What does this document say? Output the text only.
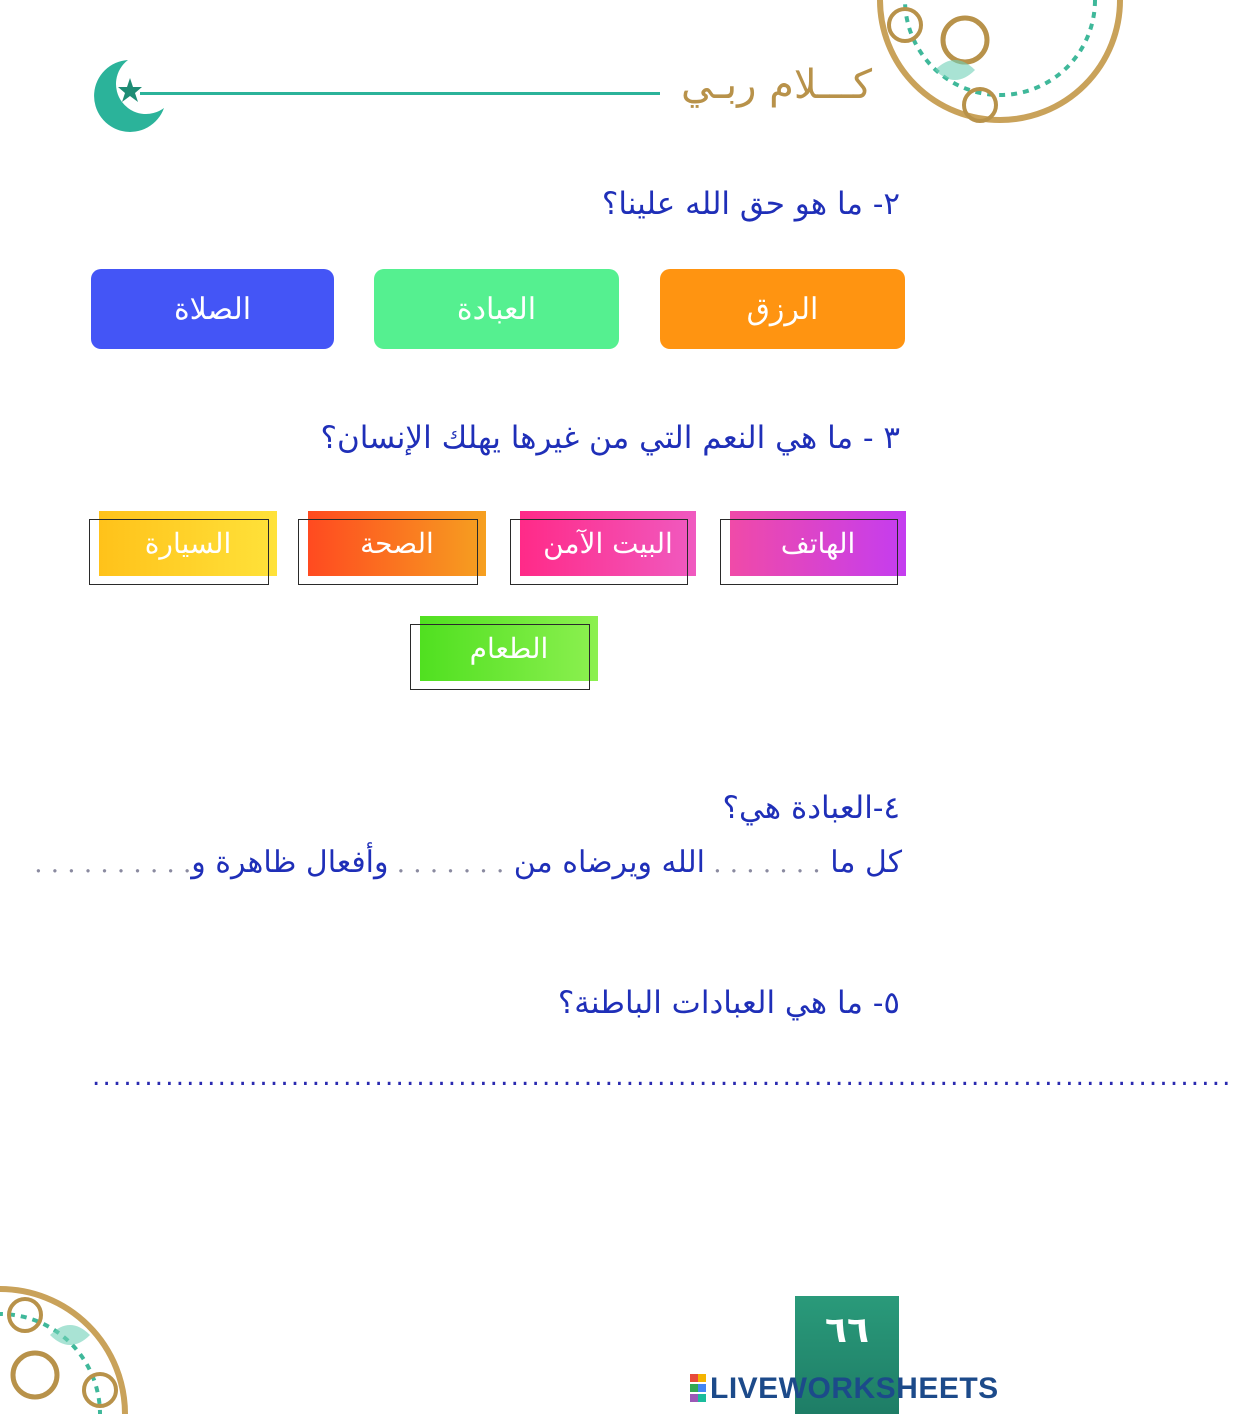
كـــلام ربـي
٢- ما هو حق الله علينا؟
الرزق
العبادة
الصلاة
٣ - ما هي النعم التي من غيرها يهلك الإنسان؟
الهاتف
البيت الآمن
الصحة
السيارة
الطعام
٤-العبادة هي؟
كل ما . . . . . . . الله ويرضاه من . . . . . . . وأفعال ظاهرة و. . . . . . . . . .
٥- ما هي العبادات الباطنة؟
.............................................................................................................
٦٦
LIVEWORKSHEETS
